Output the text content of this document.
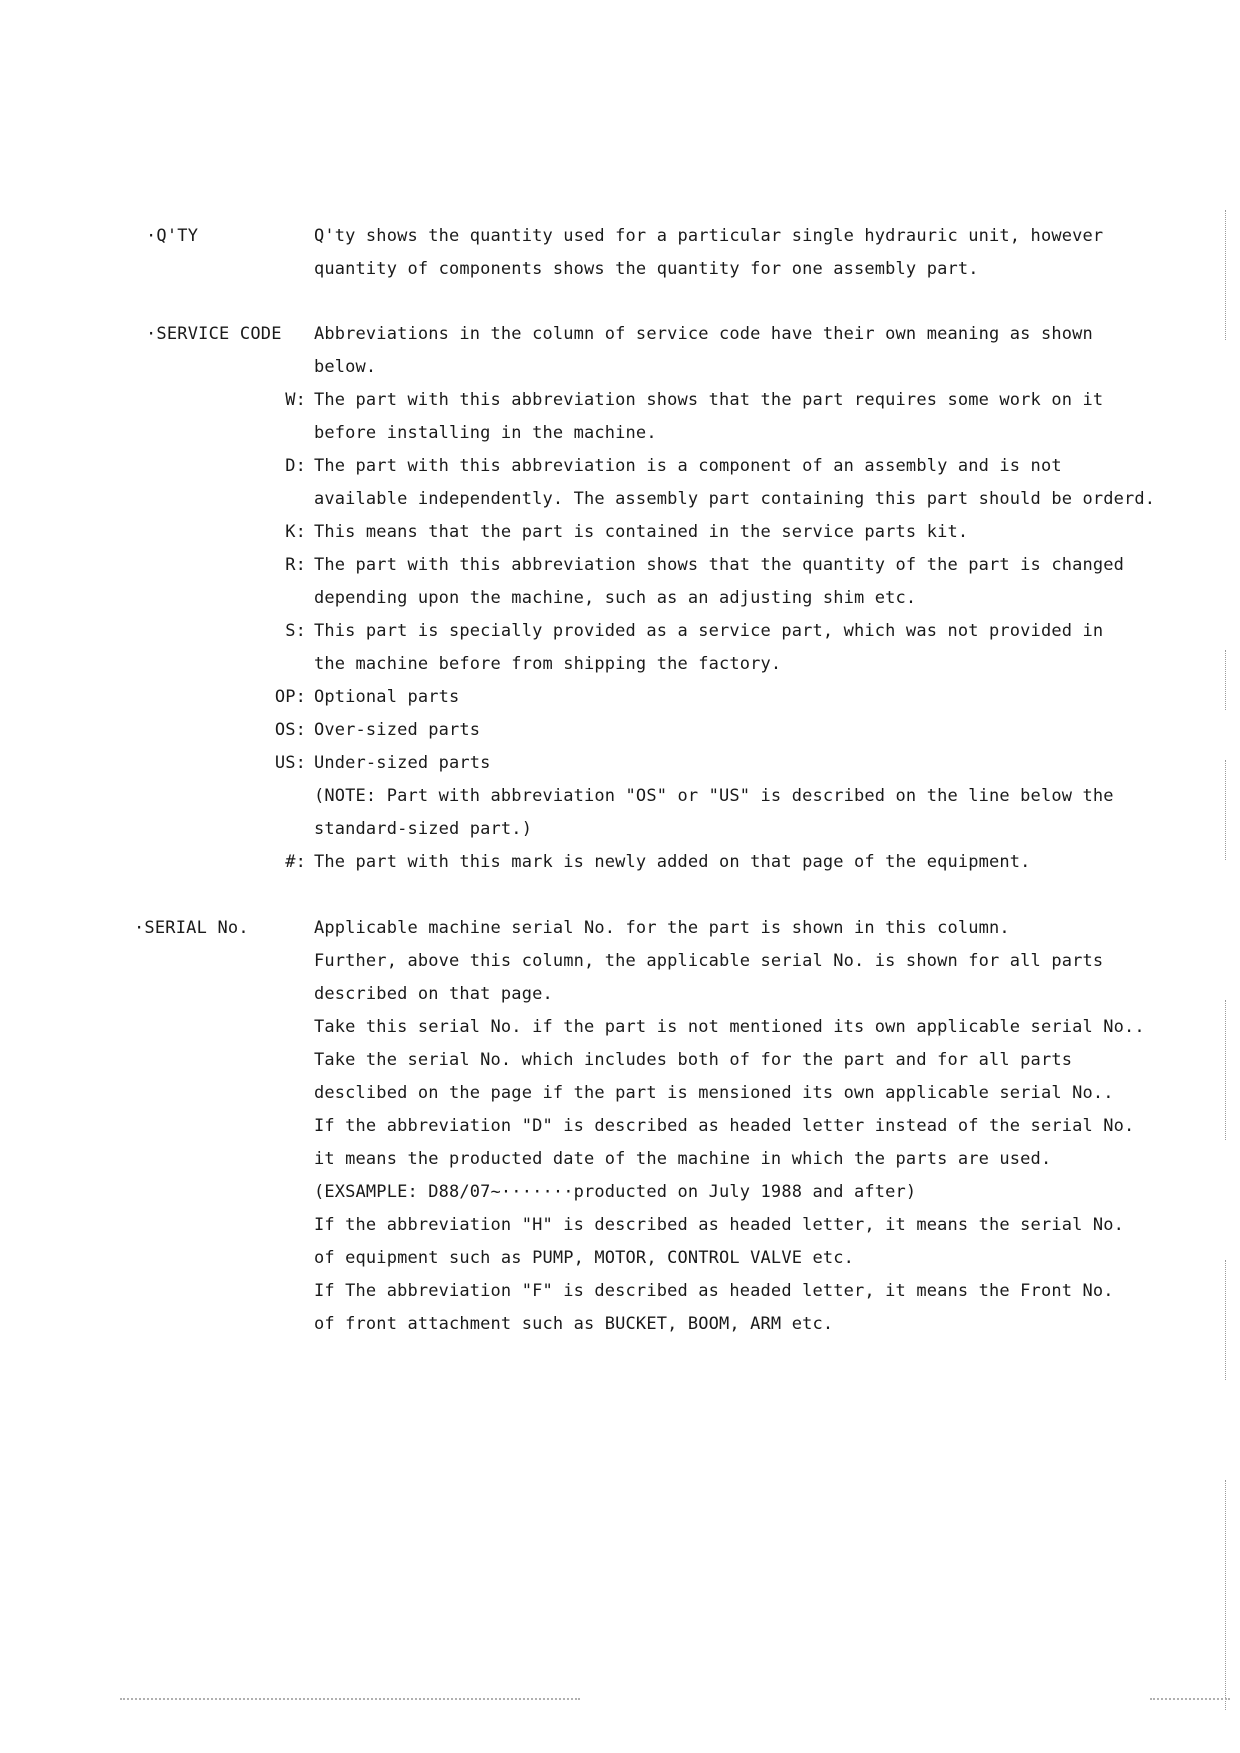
·Q'TY	Q'ty shows the quantity used for a particular single hydrauric unit, however
quantity of components shows the quantity for one assembly part.
·SERVICE CODE Abbreviations in the column of service code have their own meaning as shown
below.
W: The part with this abbreviation shows that the part requires some work on it
before installing in the machine.
D: The part with this abbreviation is a component of an assembly and is not
available independently. The assembly part containing this part should be orderd.
K: This means that the part is contained in the service parts kit.
R: The part with this abbreviation shows that the quantity of the part is changed
depending upon the machine, such as an adjusting shim etc.
S: This part is specially provided as a service part, which was not provided in
the machine before from shipping the factory.
OP: Optional parts
OS: Over-sized parts
US: Under-sized parts
(NOTE: Part with abbreviation "OS" or "US" is described on the line below the
standard-sized part.)
#: The part with this mark is newly added on that page of the equipment.
·SERIAL No.	Applicable machine serial No. for the part is shown in this column.
Further, above this column, the applicable serial No. is shown for all parts
described on that page.
Take this serial No. if the part is not mentioned its own applicable serial No..
Take the serial No. which includes both of for the part and for all parts
desclibed on the page if the part is mensioned its own applicable serial No..
If the abbreviation "D" is described as headed letter instead of the serial No.
it means the producted date of the machine in which the parts are used.
(EXSAMPLE: D88/07~·······producted on July 1988 and after)
If the abbreviation "H" is described as headed letter, it means the serial No.
of equipment such as PUMP, MOTOR, CONTROL VALVE etc.
If The abbreviation "F" is described as headed letter, it means the Front No.
of front attachment such as BUCKET, BOOM, ARM etc.
